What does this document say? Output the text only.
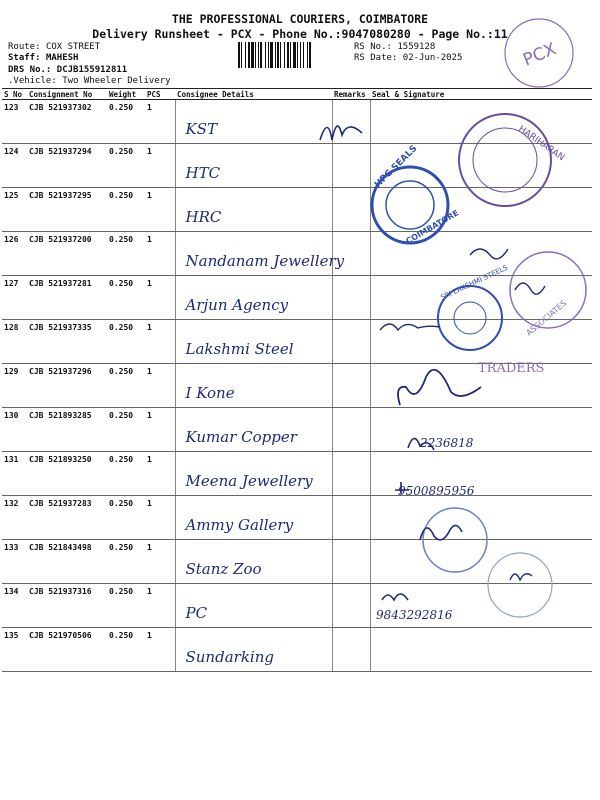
THE PROFESSIONAL COURIERS, COIMBATORE
Delivery Runsheet - PCX - Phone No.:9047080280 - Page No.:11
Route: COX STREET
Staff: MAHESH
DRS No.: DCJB155912811
.Vehicle: Two Wheeler Delivery
RS No.: 1559128
RS Date: 02-Jun-2025	PCX
S No	Consignment No	Weight	PCS	Consignee Details	Remarks	Seal & Signature
123	CJB 521937302	0.250	1	KST		

124	CJB 521937294	0.250	1	HTC		

125	CJB 521937295	0.250	1	HRC		

126	CJB 521937200	0.250	1	Nandanam Jewellery		

127	CJB 521937281	0.250	1	Arjun Agency		

128	CJB 521937335	0.250	1	Lakshmi Steel		

129	CJB 521937296	0.250	1	I Kone		

130	CJB 521893285	0.250	1	Kumar Copper		

131	CJB 521893250	0.250	1	Meena Jewellery		

132	CJB 521937283	0.250	1	Ammy Gallery		

133	CJB 521843498	0.250	1	Stanz Zoo		

134	CJB 521937316	0.250	1	PC		

135	CJB 521970506	0.250	1	Sundarking		

HARIHARAN
HPC SEALS
COIMBATORE
ASSOCIATES
SRI LAKSHMI STEELS
TRADERS
2236818
9500895956
9843292816
